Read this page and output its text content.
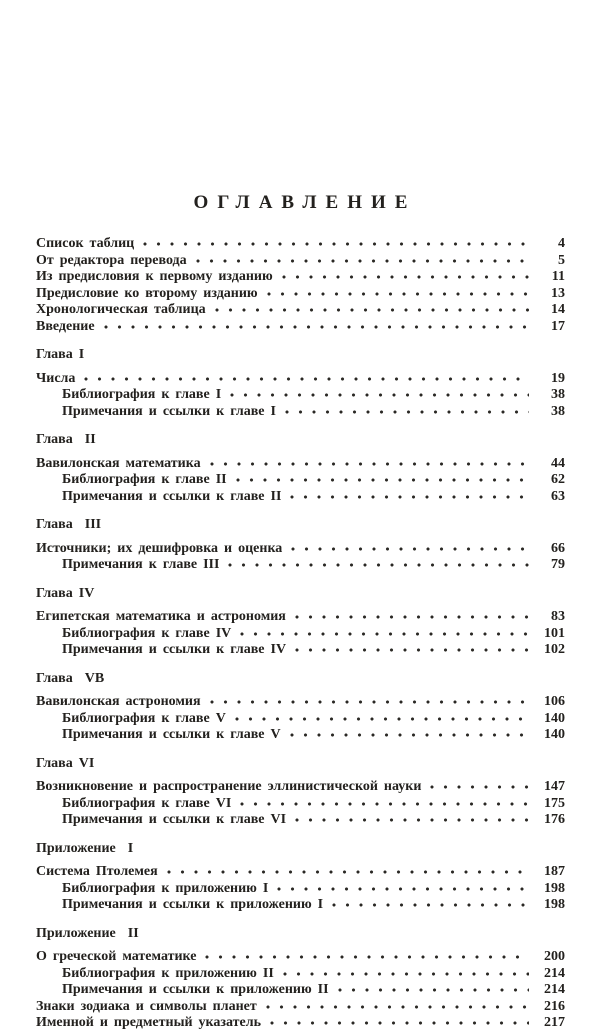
ОГЛАВЛЕНИЕ
Список таблиц	4
От редактора перевода	5
Из предисловия к первому изданию	11
Предисловие ко второму изданию	13
Хронологическая таблица	14
Введение	17
Глава I
Числа	19
Библиография к главе I	38
Примечания и ссылки к главе I	38
Глава  II
Вавилонская математика	44
Библиография к главе II	62
Примечания и ссылки к главе II	63
Глава  III
Источники; их дешифровка и оценка	66
Примечания к главе III	79
Глава IV
Египетская математика и астрономия	83
Библиография к главе IV	101
Примечания и ссылки к главе IV	102
Глава  VB
Вавилонская астрономия	106
Библиография к главе V	140
Примечания и ссылки к главе V	140
Глава VI
Возникновение и распространение эллинистической науки	147
Библиография к главе VI	175
Примечания и ссылки к главе VI	176
Приложение  I
Система Птолемея	187
Библиография к приложению I	198
Примечания и ссылки к приложению I	198
Приложение  II
О греческой математике	200
Библиография к приложению II	214
Примечания и ссылки к приложению II	214
Знаки зодиака и символы планет	216
Именной и предметный указатель	217
